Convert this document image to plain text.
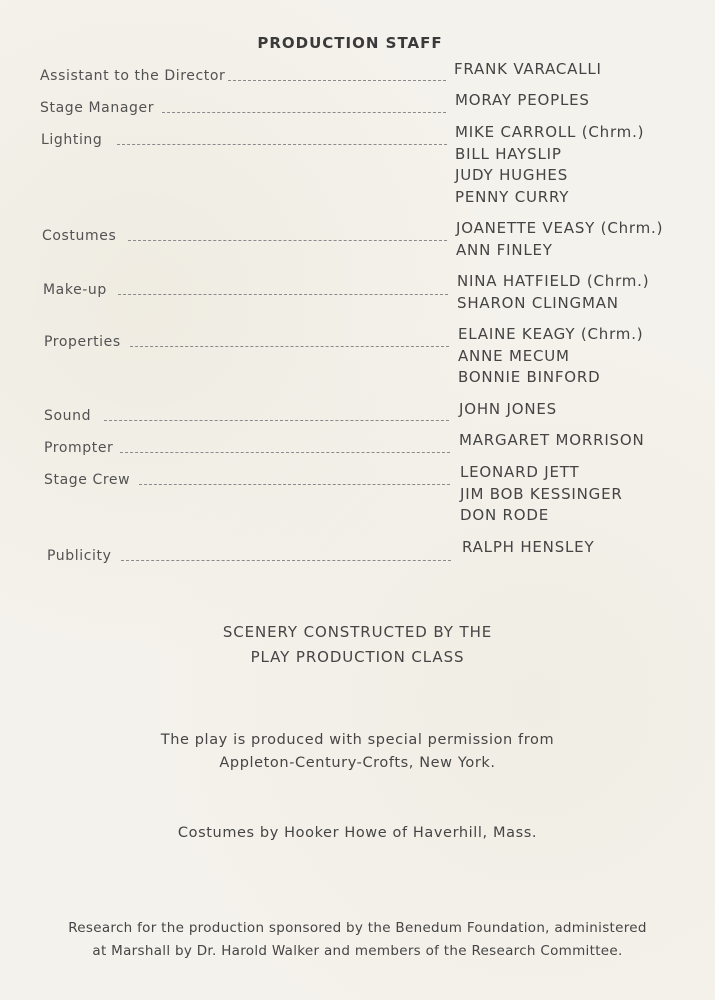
PRODUCTION STAFF
Assistant to the Director	FRANK VARACALLI
Stage Manager	MORAY PEOPLES
Lighting	MIKE CARROLL (Chrm.)
BILL HAYSLIP
JUDY HUGHES
PENNY CURRY
Costumes	JOANETTE VEASY (Chrm.)
ANN FINLEY
Make-up	NINA HATFIELD (Chrm.)
SHARON CLINGMAN
Properties	ELAINE KEAGY (Chrm.)
ANNE MECUM
BONNIE BINFORD
Sound	JOHN JONES
Prompter	MARGARET MORRISON
Stage Crew	LEONARD JETT
JIM BOB KESSINGER
DON RODE
Publicity	RALPH HENSLEY
SCENERY CONSTRUCTED BY THE
PLAY PRODUCTION CLASS
The play is produced with special permission from
Appleton-Century-Crofts, New York.
Costumes by Hooker Howe of Haverhill, Mass.
Research for the production sponsored by the Benedum Foundation, administered
at Marshall by Dr. Harold Walker and members of the Research Committee.
